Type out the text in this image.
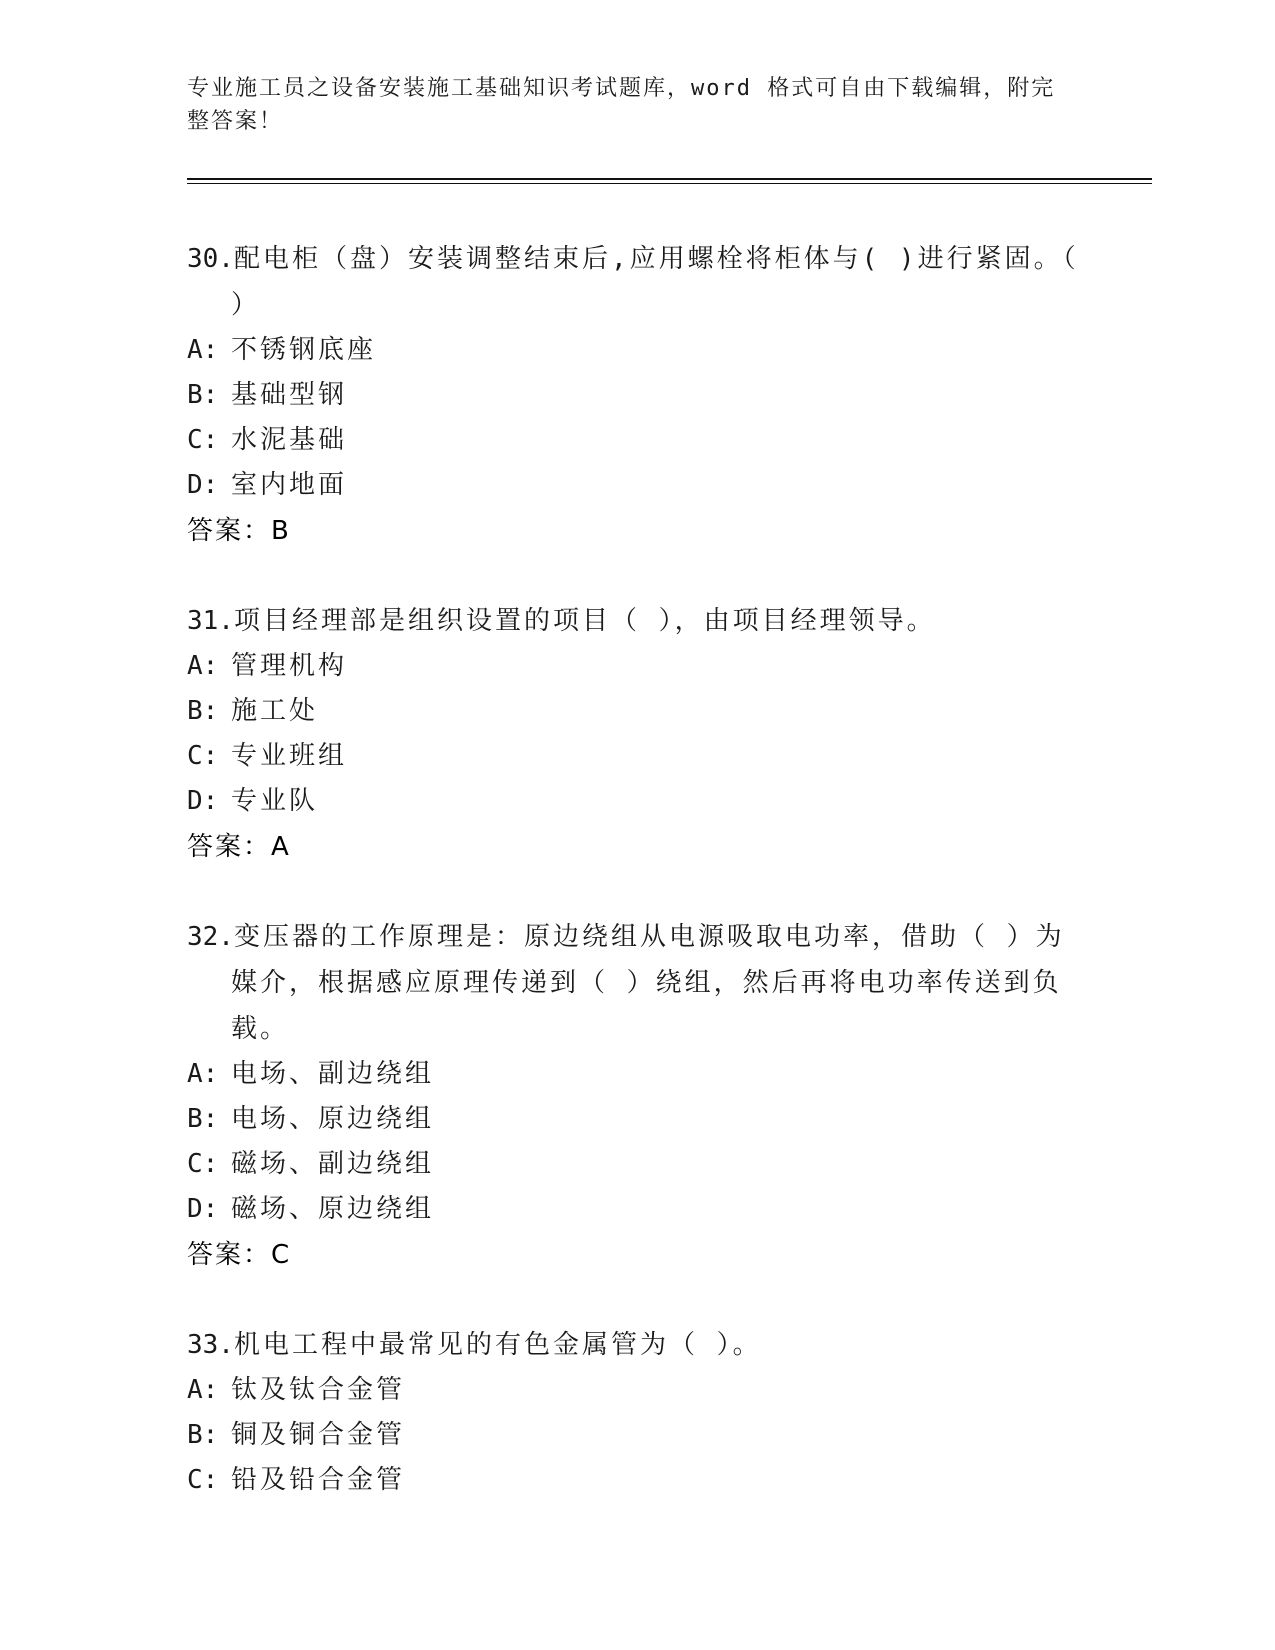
专业施工员之设备安装施工基础知识考试题库，word 格式可自由下载编辑，附完整答案！

30.配电柜（盘）安装调整结束后,应用螺栓将柜体与( )进行紧固。（ ）

A: 不锈钢底座

B: 基础型钢

C: 水泥基础

D: 室内地面

答案：B

31.项目经理部是组织设置的项目（ ），由项目经理领导。

A: 管理机构

B: 施工处

C: 专业班组

D: 专业队

答案：A

32.变压器的工作原理是：原边绕组从电源吸取电功率，借助（ ）为媒介，根据感应原理传递到（ ）绕组，然后再将电功率传送到负载。

A: 电场、副边绕组

B: 电场、原边绕组

C: 磁场、副边绕组

D: 磁场、原边绕组

答案：C

33.机电工程中最常见的有色金属管为（ ）。

A: 钛及钛合金管

B: 铜及铜合金管

C: 铅及铅合金管
